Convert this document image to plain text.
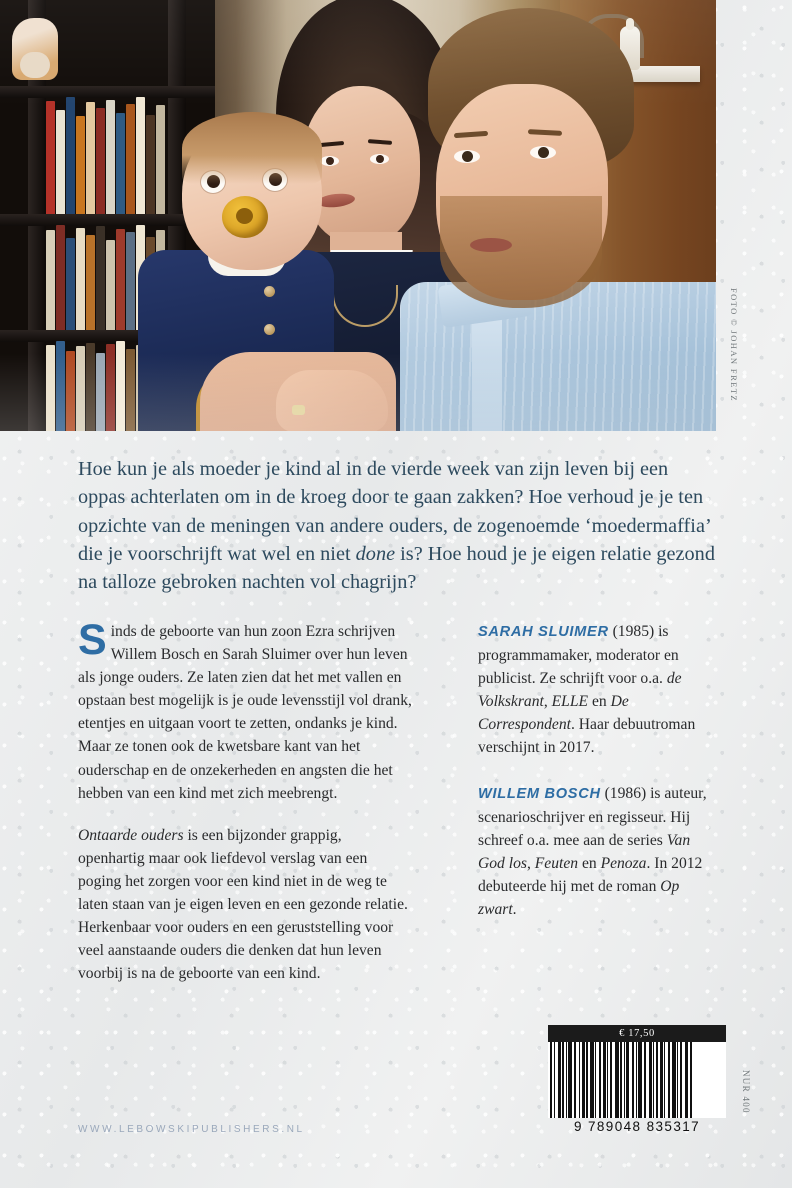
FOTO © JOHAN FRETZ
Hoe kun je als moeder je kind al in de vierde week van zijn leven bij een oppas achterlaten om in de kroeg door te gaan zakken? Hoe verhoud je je ten opzichte van de meningen van andere ouders, de zogenoemde ‘moedermaffia’ die je voorschrijft wat wel en niet done is? Hoe houd je je eigen relatie gezond na talloze gebroken nachten vol chagrijn?

Sinds de geboorte van hun zoon Ezra schrijven Willem Bosch en Sarah Sluimer over hun leven als jonge ouders. Ze laten zien dat het met vallen en opstaan best mogelijk is je oude levensstijl vol drank, etentjes en uitgaan voort te zetten, ondanks je kind. Maar ze tonen ook de kwetsbare kant van het ouderschap en de onzekerheden en angsten die het hebben van een kind met zich meebrengt.

Ontaarde ouders is een bijzonder grappig, openhartig maar ook liefdevol verslag van een poging het zorgen voor een kind niet in de weg te laten staan van je eigen leven en een gezonde relatie. Herkenbaar voor ouders en een geruststelling voor veel aanstaande ouders die denken dat hun leven voorbij is na de geboorte van een kind.

SARAH SLUIMER (1985) is programmamaker, moderator en publicist. Ze schrijft voor o.a. de Volkskrant, ELLE en De Correspondent. Haar debuutroman verschijnt in 2017.

WILLEM BOSCH (1986) is auteur, scenarioschrijver en regisseur. Hij schreef o.a. mee aan de series Van God los, Feuten en Penoza. In 2012 debuteerde hij met de roman Op zwart.

€ 17,50
9 789048 835317
NUR 400
WWW.LEBOWSKIPUBLISHERS.NL
